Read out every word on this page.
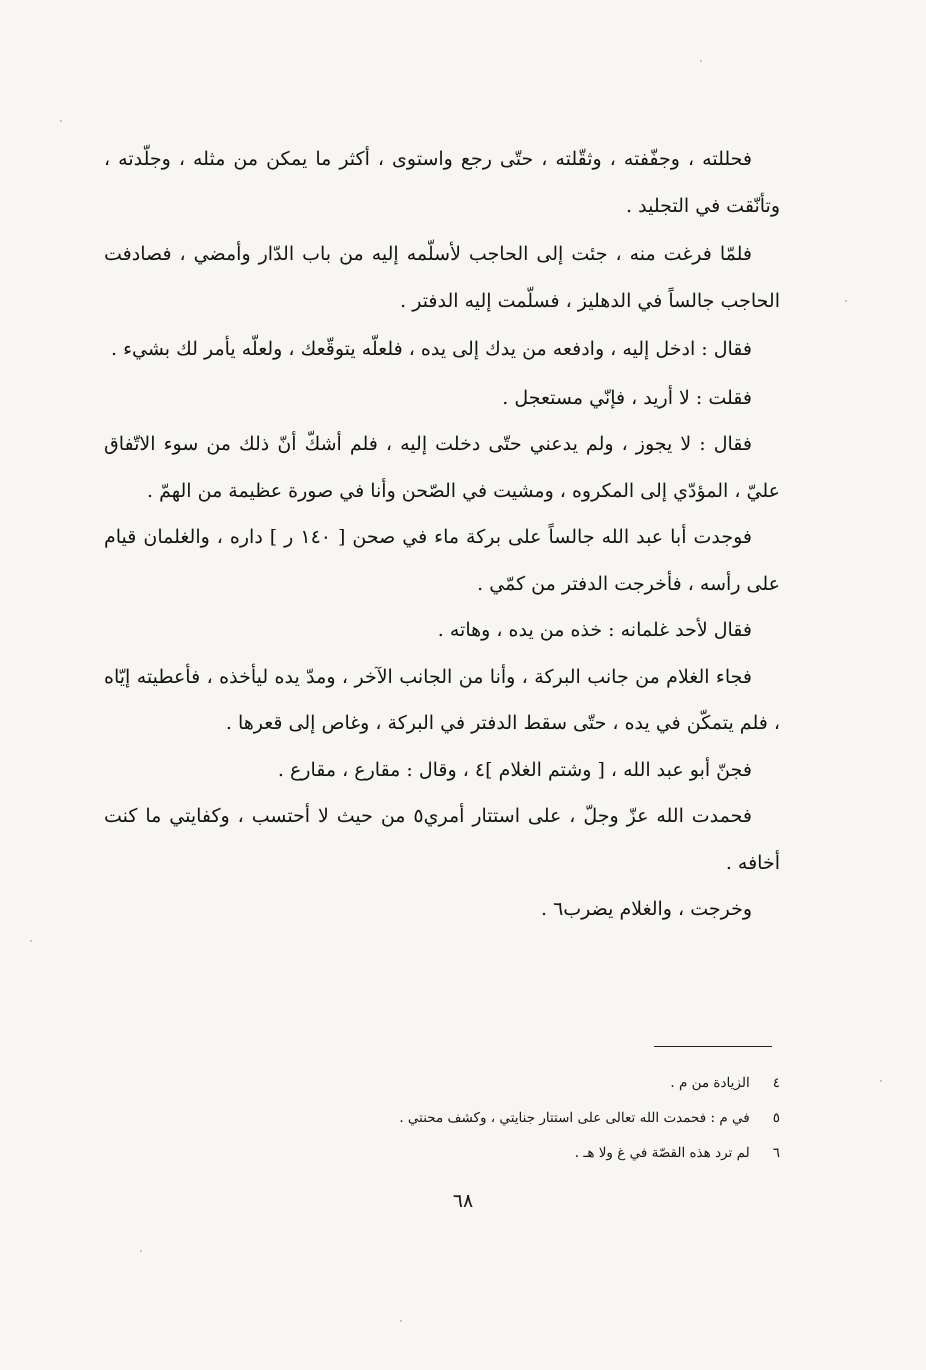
فحللته ، وجفّفته ، وثقّلته ، حتّى رجع واستوى ، أكثر ما يمكن من مثله ، وجلّدته ، وتأنّقت في التجليد .

فلمّا فرغت منه ، جئت إلى الحاجب لأسلّمه إليه من باب الدّار وأمضي ، فصادفت الحاجب جالساً في الدهليز ، فسلّمت إليه الدفتر .

فقال : ادخل إليه ، وادفعه من يدك إلى يده ، فلعلّه يتوقّعك ، ولعلّه يأمر لك بشيء .

فقلت : لا أريد ، فإنّي مستعجل .

فقال : لا يجوز ، ولم يدعني حتّى دخلت إليه ، فلم أشكّ أنّ ذلك من سوء الاتّفاق عليّ ، المؤدّي إلى المكروه ، ومشيت في الصّحن وأنا في صورة عظيمة من الهمّ .

فوجدت أبا عبد الله جالساً على بركة ماء في صحن [ ١٤٠ ر ] داره ، والغلمان قيام على رأسه ، فأخرجت الدفتر من كمّي .

فقال لأحد غلمانه : خذه من يده ، وهاته .

فجاء الغلام من جانب البركة ، وأنا من الجانب الآخر ، ومدّ يده ليأخذه ، فأعطيته إيّاه ، فلم يتمكّن في يده ، حتّى سقط الدفتر في البركة ، وغاص إلى قعرها .

فجنّ أبو عبد الله ، [ وشتم الغلام ]٤ ، وقال : مقارع ، مقارع .

فحمدت الله عزّ وجلّ ، على استتار أمري٥ من حيث لا أحتسب ، وكفايتي ما كنت أخافه .

وخرجت ، والغلام يضرب٦ .

٤ الزيادة من م .

٥ في م : فحمدت الله تعالى على استتار جنايتي ، وكشف محنتي .

٦ لم ترد هذه القصّة في غ ولا هـ .

٦٨
